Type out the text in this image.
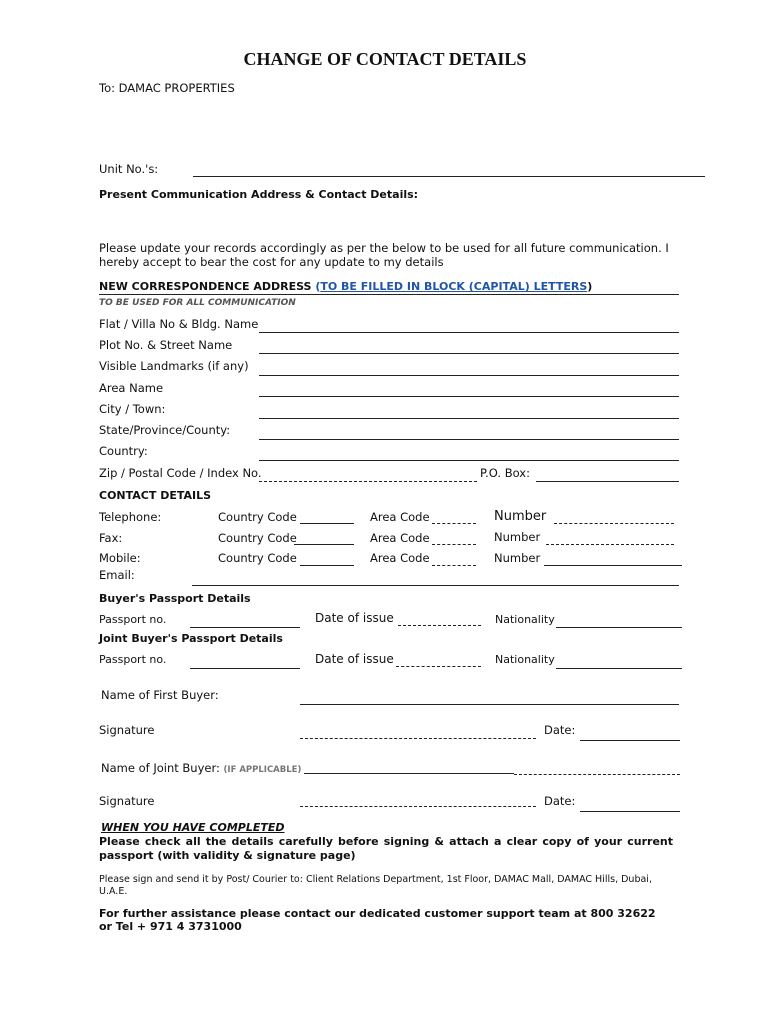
CHANGE OF CONTACT DETAILS
To: DAMAC PROPERTIES
Unit No.'s:
Present Communication Address & Contact Details:
Please update your records accordingly as per the below to be used for all future communication. I hereby accept to bear the cost for any update to my details
NEW CORRESPONDENCE ADDRESS (TO BE FILLED IN BLOCK (CAPITAL) LETTERS)
TO BE USED FOR ALL COMMUNICATION
Flat / Villa No & Bldg. Name
Plot No. & Street Name
Visible Landmarks (if any)
Area Name
City / Town:
State/Province/County:
Country:
Zip / Postal Code / Index No.	P.O. Box:
CONTACT DETAILS
Telephone:	Country Code	Area Code	Number
Fax:	Country Code	Area Code	Number
Mobile:	Country Code	Area Code	Number
Email:
Buyer's Passport Details
Passport no.	Date of issue	Nationality
Joint Buyer's Passport Details
Passport no.	Date of issue	Nationality
Name of First Buyer:
Signature	Date:
Name of Joint Buyer: (IF APPLICABLE)
Signature	Date:
WHEN YOU HAVE COMPLETED
Please check all the details carefully before signing & attach a clear copy of your current passport (with validity & signature page)
Please sign and send it by Post/ Courier to: Client Relations Department, 1st Floor, DAMAC Mall, DAMAC Hills, Dubai, U.A.E.
For further assistance please contact our dedicated customer support team at 800 32622 or Tel + 971 4 3731000
